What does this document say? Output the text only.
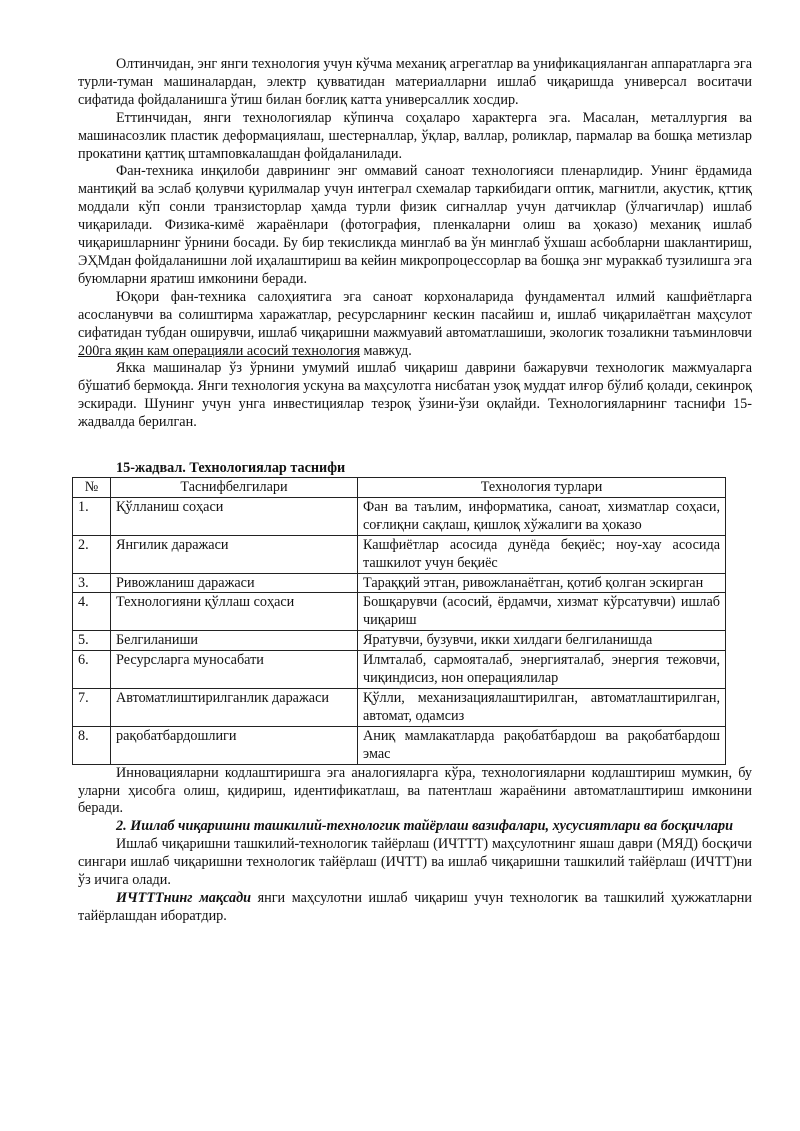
Олтинчидан, энг янги технология учун кўчма механиқ агрегатлар ва унификацияланган аппаратларга эга турли-туман машиналардан, электр қувватидан материалларни ишлаб чиқаришда универсал воситачи сифатида фойдаланишга ўтиш билан боғлиқ катта универсаллик хосдир.

Еттинчидан, янги технологиялар кўпинча соҳаларо характерга эга. Масалан, металлургия ва машинасозлик пластик деформациялаш, шестерналлар, ўқлар, валлар, роликлар, пармалар ва бошқа метизлар прокатини қаттиқ штамповкалашдан фойдаланилади.

Фан-техника инқилоби даврининг энг оммавий саноат технологияси пленарлидир. Унинг ёрдамида мантиқий ва эслаб қолувчи қурилмалар учун интеграл схемалар таркибидаги оптик, магнитли, акустик, қттиқ моддали кўп сонли транзисторлар ҳамда турли физик сигналлар учун датчиклар (ўлчагичлар) ишлаб чиқарилади. Физика-кимё жараёнлари (фотография, пленкаларни олиш ва ҳоказо) механиқ ишлаб чиқаришларнинг ўрнини босади. Бу бир текисликда минглаб ва ўн минглаб ўхшаш асбобларни шаклантириш, ЭҲМдан фойдаланишни лой иҳалаштириш ва кейин микропроцессорлар ва бошқа энг мураккаб тузилишга эга буюмларни яратиш имконини беради.

Юқори фан-техника салоҳиятига эга саноат корхоналарида фундаментал илмий кашфиётларга асосланувчи ва солиштирма харажатлар, ресурсларнинг кескин пасайиш и, ишлаб чиқарилаётган маҳсулот сифатидан тубдан оширувчи, ишлаб чиқаришни мажмуавий автоматлашиши, экологик тозаликни таъминловчи 200га яқин кам операцияли асосий технология мавжуд.

Якка машиналар ўз ўрнини умумий ишлаб чиқариш даврини бажарувчи технологик мажмуаларга бўшатиб бермоқда. Янги технология ускуна ва маҳсулотга нисбатан узоқ муддат илғор бўлиб қолади, секинроқ эскиради. Шунинг учун унга инвестициялар тезроқ ўзини-ўзи оқлайди. Технологияларнинг таснифи 15-жадвалда берилган.

15-жадвал. Технологиялар таснифи
№	Таснифбелгилари	Технология турлари
1.	Қўлланиш соҳаси	Фан ва таълим, информатика, саноат, хизматлар соҳаси, соғлиқни сақлаш, қишлоқ хўжалиги ва ҳоказо
2.	Янгилик даражаси	Кашфиётлар асосида дунёда беқиёс; ноу-хау асосида ташкилот учун беқиёс
3.	Ривожланиш даражаси	Тараққий этган, ривожланаётган, қотиб қолган эскирган
4.	Технологияни қўллаш соҳаси	Бошқарувчи (асосий, ёрдамчи, хизмат кўрсатувчи) ишлаб чиқариш
5.	Белгиланиши	Яратувчи, бузувчи, икки хилдаги белгиланишда
6.	Ресурсларга муносабати	Илмталаб, сармояталаб, энергияталаб, энергия тежовчи, чиқиндисиз, нон операциялилар
7.	Автоматлиштирилганлик даражаси	Қўлли, механизациялаштирилган, автоматлаштирилган, автомат, одамсиз
8.	рақобатбардошлиги	Аниқ мамлакатларда рақобатбардош ва рақобатбардош эмас

Инновацияларни кодлаштиришга эга аналогияларга кўра, технологияларни кодлаштириш мумкин, бу уларни ҳисобга олиш, қидириш, идентификатлаш, ва патентлаш жараёнини автоматлаштириш имконини беради.

2. Ишлаб чиқаришни ташкилий-технологик тайёрлаш вазифалари, хусусиятлари ва босқичлари

Ишлаб чиқаришни ташкилий-технологик тайёрлаш (ИЧТТТ) маҳсулотнинг яшаш даври (МЯД) босқичи сингари ишлаб чиқаришни технологик тайёрлаш (ИЧТТ) ва ишлаб чиқаришни ташкилий тайёрлаш (ИЧТТ)ни ўз ичига олади.

ИЧТТТнинг мақсади янги маҳсулотни ишлаб чиқариш учун технологик ва ташкилий ҳужжатларни тайёрлашдан иборатдир.
